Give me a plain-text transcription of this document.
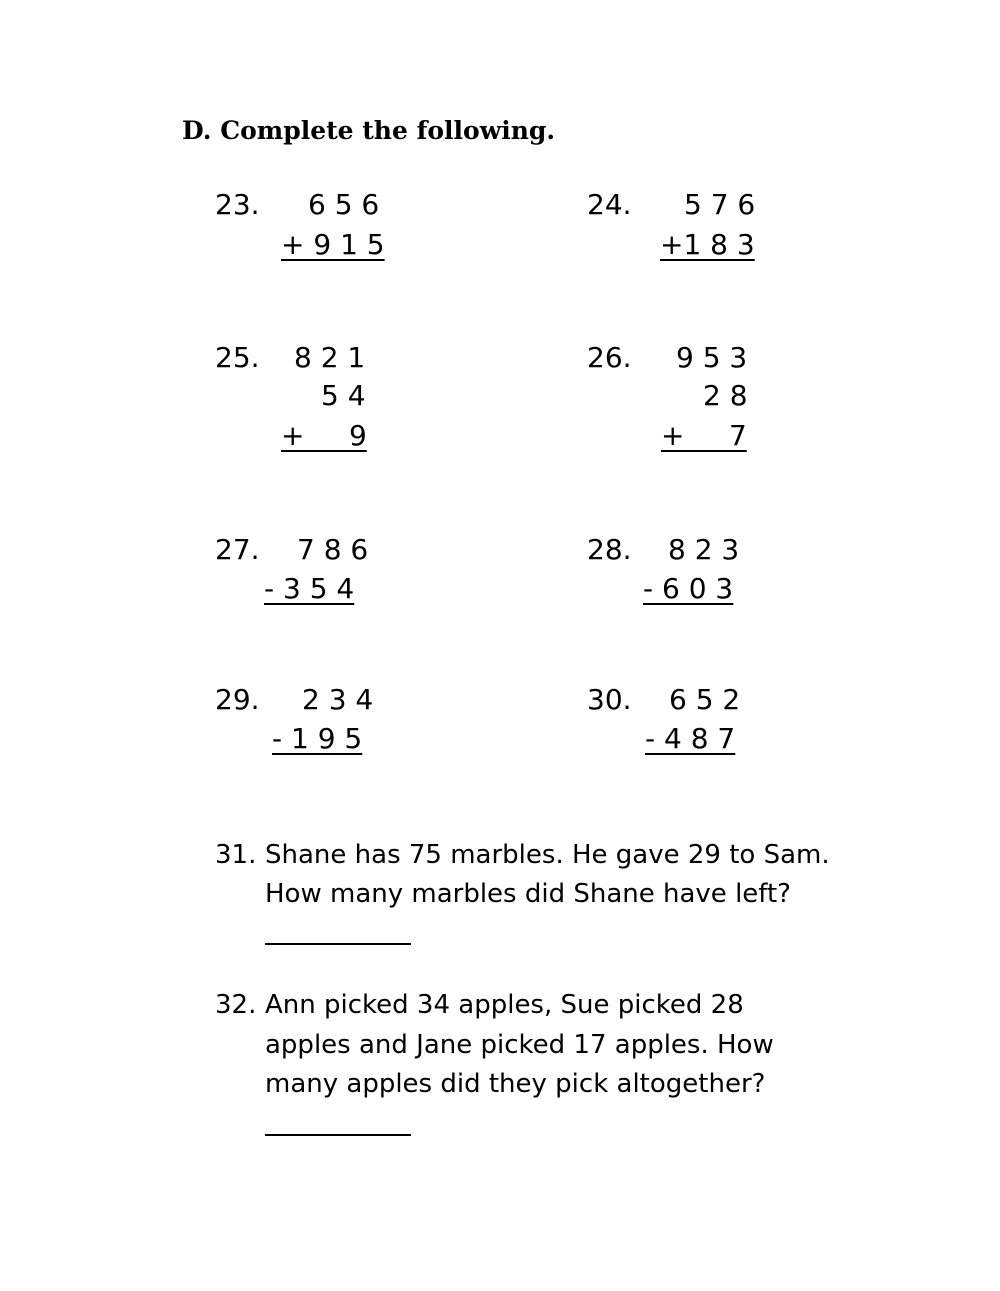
D. Complete the following.

23.

6 5 6

+ 9 1 5

24.

5 7 6

+1 8 3

25.

8 2 1

5 4

+     9

26.

9 5 3

2 8

+     7

27.

7 8 6

- 3 5 4

28.

8 2 3

- 6 0 3

29.

2 3 4

- 1 9 5

30.

6 5 2

- 4 8 7

31. Shane has 75 marbles. He gave 29 to Sam.
How many marbles did Shane have left?
32. Ann picked 34 apples, Sue picked 28
apples and Jane picked 17 apples. How
many apples did they pick altogether?
